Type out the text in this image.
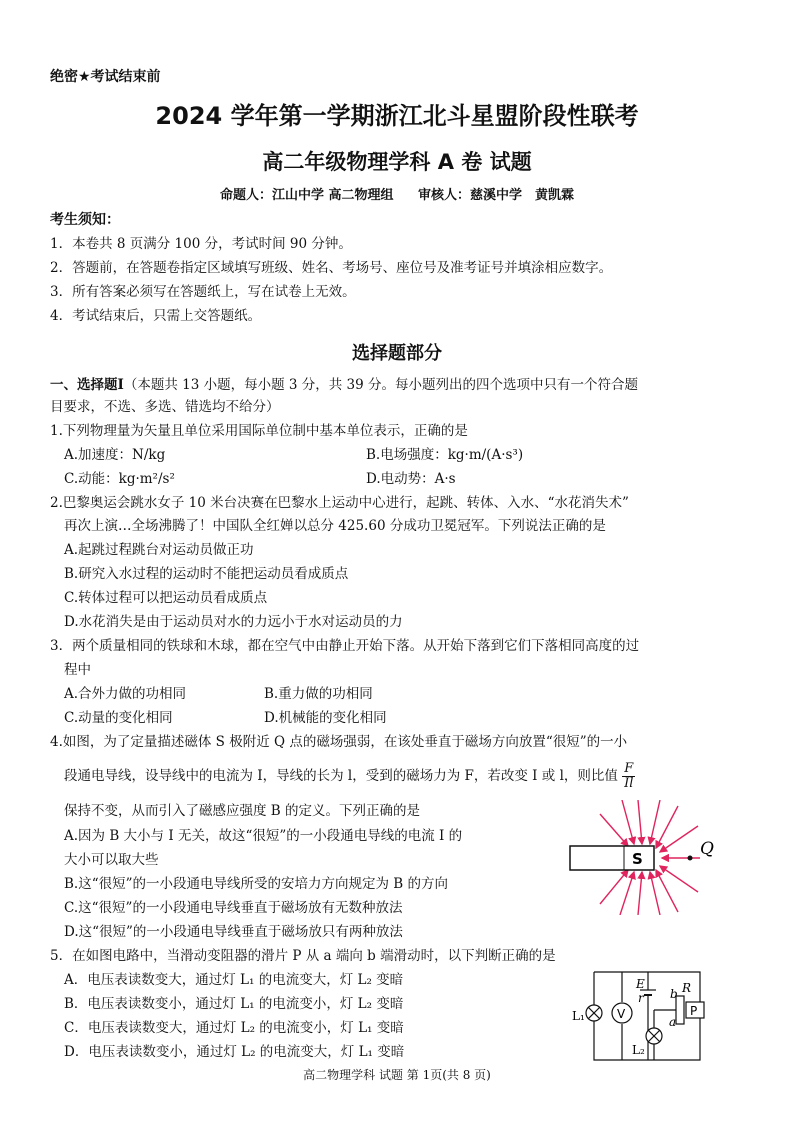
绝密★考试结束前
2024 学年第一学期浙江北斗星盟阶段性联考
高二年级物理学科 A 卷 试题
命题人：江山中学 高二物理组 审核人：慈溪中学　黄凯霖
考生须知：
1．本卷共 8 页满分 100 分，考试时间 90 分钟。
2．答题前，在答题卷指定区域填写班级、姓名、考场号、座位号及准考证号并填涂相应数字。
3．所有答案必须写在答题纸上，写在试卷上无效。
4．考试结束后，只需上交答题纸。
选择题部分
一、选择题Ⅰ（本题共 13 小题，每小题 3 分，共 39 分。每小题列出的四个选项中只有一个符合题
目要求，不选、多选、错选均不给分）
1.下列物理量为矢量且单位采用国际单位制中基本单位表示，正确的是
A.加速度：N/kg	B.电场强度：kg·m/(A·s³)
C.动能：kg·m²/s²	D.电动势：A·s
2.巴黎奥运会跳水女子 10 米台决赛在巴黎水上运动中心进行，起跳、转体、入水、“水花消失术”
再次上演…全场沸腾了！中国队全红婵以总分 425.60 分成功卫冕冠军。下列说法正确的是
A.起跳过程跳台对运动员做正功
B.研究入水过程的运动时不能把运动员看成质点
C.转体过程可以把运动员看成质点
D.水花消失是由于运动员对水的力远小于水对运动员的力
3．两个质量相同的铁球和木球，都在空气中由静止开始下落。从开始下落到它们下落相同高度的过
程中
A.合外力做的功相同	B.重力做的功相同
C.动量的变化相同	D.机械能的变化相同
4.如图，为了定量描述磁体 S 极附近 Q 点的磁场强弱，在该处垂直于磁场方向放置“很短”的一小
段通电导线，设导线中的电流为 I，导线的长为 l，受到的磁场力为 F，若改变 I 或 l，则比值 $\frac{F}{Il}$
保持不变，从而引入了磁感应强度 B 的定义。下列正确的是
A.因为 B 大小与 I 无关，故这“很短”的一小段通电导线的电流 I 的
大小可以取大些
B.这“很短”的一小段通电导线所受的安培力方向规定为 B 的方向
C.这“很短”的一小段通电导线垂直于磁场放有无数种放法
D.这“很短”的一小段通电导线垂直于磁场放只有两种放法
S	Q
5．在如图电路中，当滑动变阻器的滑片 P 从 a 端向 b 端滑动时，以下判断正确的是
A．电压表读数变大，通过灯 L₁ 的电流变大，灯 L₂ 变暗
B．电压表读数变小，通过灯 L₁ 的电流变小，灯 L₂ 变暗
C．电压表读数变大，通过灯 L₂ 的电流变小，灯 L₁ 变暗
D．电压表读数变小，通过灯 L₂ 的电流变大，灯 L₁ 变暗
V	P
E
r b R
a
L₁
L₂
高二物理学科 试题 第 1页(共 8 页)
